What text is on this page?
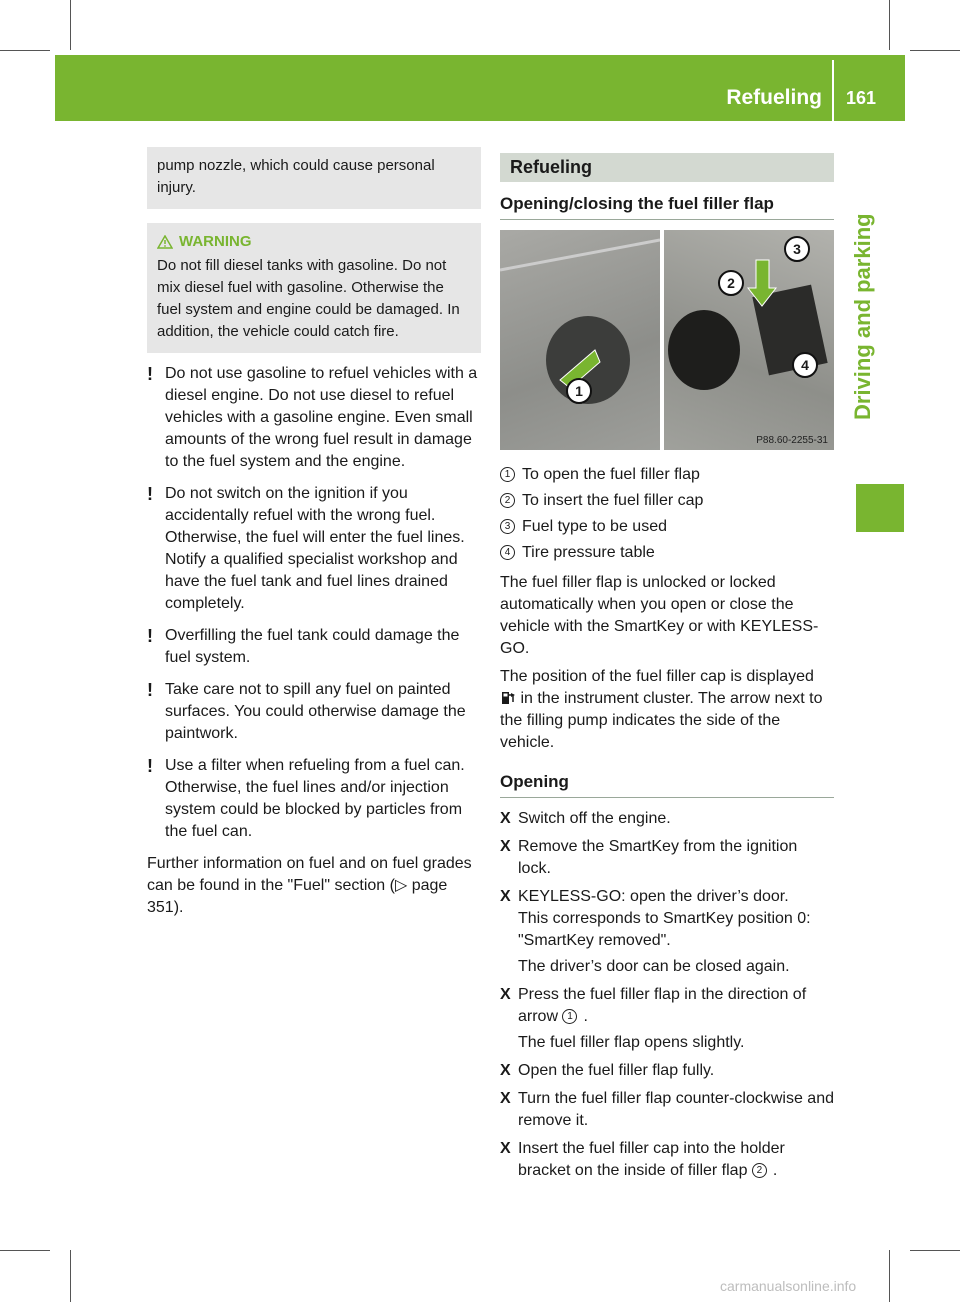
Refueling 161
Driving and parking

pump nozzle, which could cause personal injury.

WARNING

Do not fill diesel tanks with gasoline. Do not mix diesel fuel with gasoline. Otherwise the fuel system and engine could be damaged. In addition, the vehicle could catch fire.

! Do not use gasoline to refuel vehicles with a diesel engine. Do not use diesel to refuel vehicles with a gasoline engine. Even small amounts of the wrong fuel result in damage to the fuel system and the engine.
! Do not switch on the ignition if you accidentally refuel with the wrong fuel. Otherwise, the fuel will enter the fuel lines. Notify a qualified specialist workshop and have the fuel tank and fuel lines drained completely.
! Overfilling the fuel tank could damage the fuel system.
! Take care not to spill any fuel on painted surfaces. You could otherwise damage the paintwork.
! Use a filter when refueling from a fuel can. Otherwise, the fuel lines and/or injection system could be blocked by particles from the fuel can.

Further information on fuel and on fuel grades can be found in the "Fuel" section (▷ page 351).

Refueling
Opening/closing the fuel filler flap
1
2
3
4
P88.60-2255-31
1 To open the fuel filler flap
2 To insert the fuel filler cap
3 Fuel type to be used
4 Tire pressure table

The fuel filler flap is unlocked or locked automatically when you open or close the vehicle with the SmartKey or with KEYLESS-GO.

The position of the fuel filler cap is displayed  in the instrument cluster. The arrow next to the filling pump indicates the side of the vehicle.

Opening
X Switch off the engine.
X Remove the SmartKey from the ignition lock.
X KEYLESS-GO: open the driver’s door.
This corresponds to SmartKey position 0: "SmartKey removed".
The driver’s door can be closed again.
X Press the fuel filler flap in the direction of arrow 1 .
The fuel filler flap opens slightly.
X Open the fuel filler flap fully.
X Turn the fuel filler flap counter-clockwise and remove it.
X Insert the fuel filler cap into the holder bracket on the inside of filler flap 2 .
carmanualsonline.info
